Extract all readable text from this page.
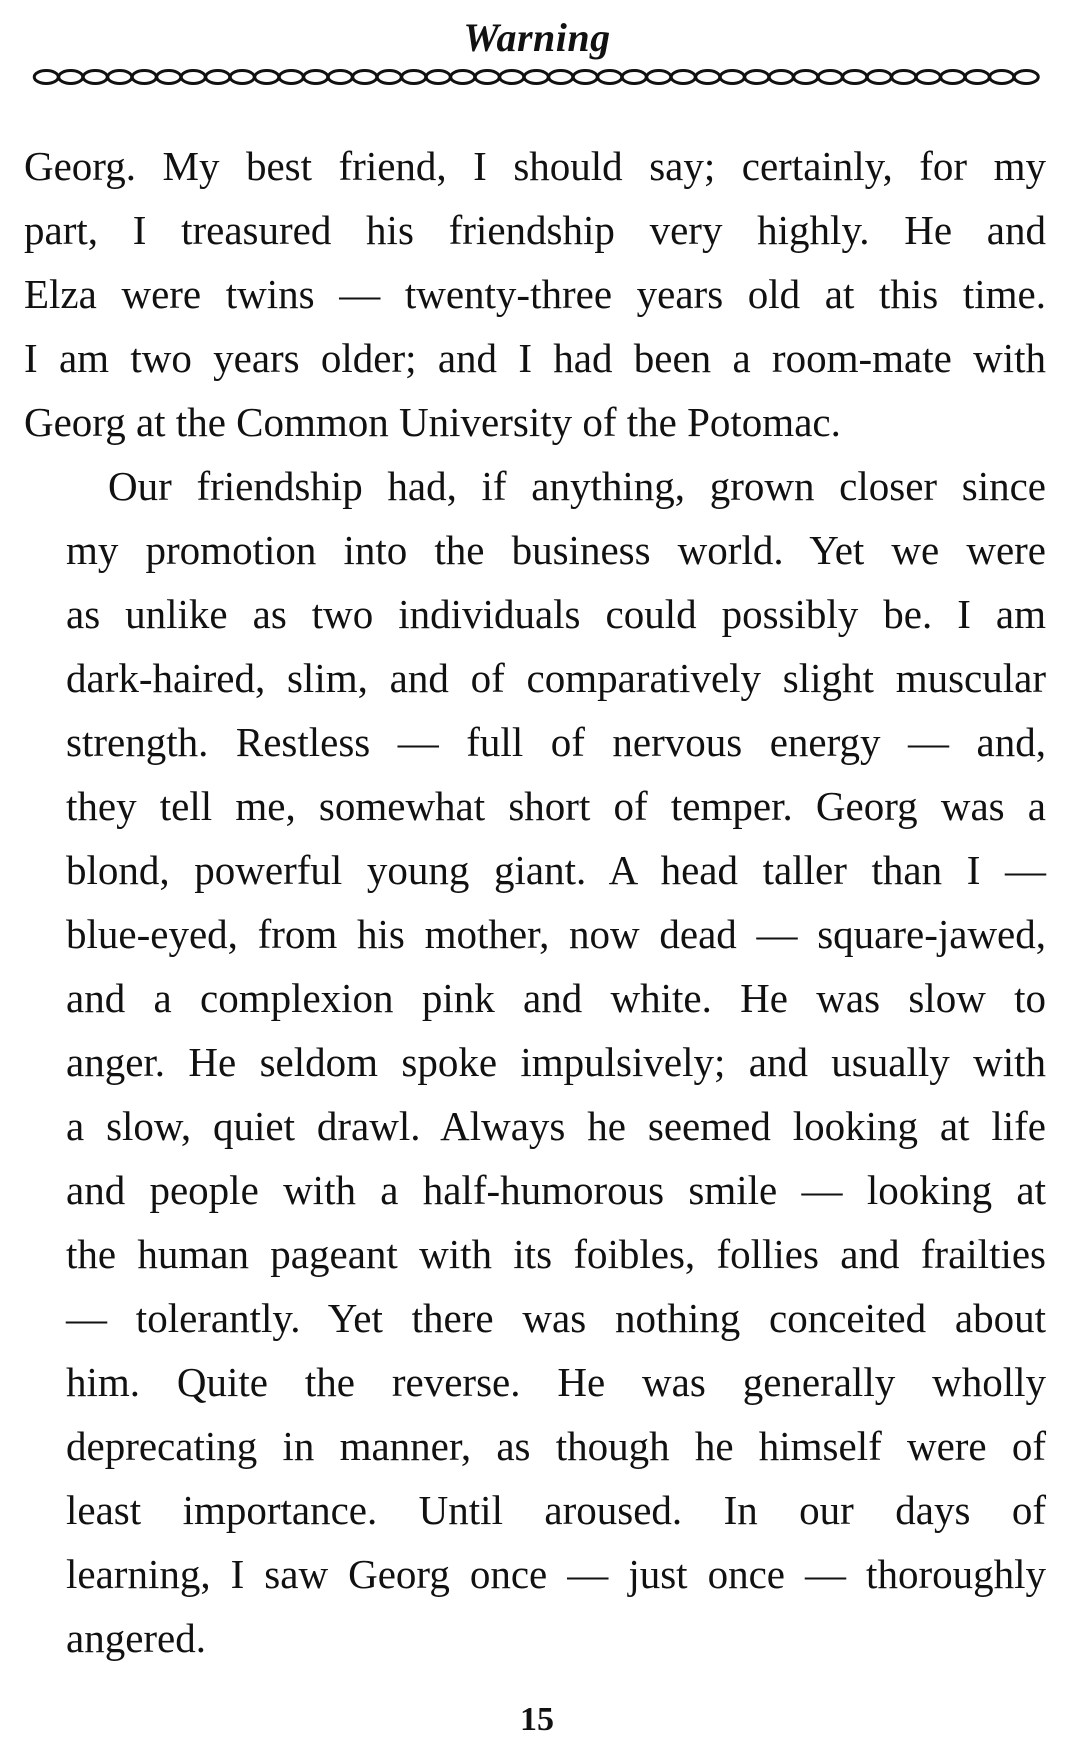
Warning

Georg. My best friend, I should say; certainly, for my
part, I treasured his friendship very highly. He and
Elza were twins — twenty-three years old at this time.
I am two years older; and I had been a room-mate with
Georg at the Common University of the Potomac.

Our friendship had, if anything, grown closer since
my promotion into the business world. Yet we were
as unlike as two individuals could possibly be. I am
dark-haired, slim, and of comparatively slight muscular
strength. Restless — full of nervous energy — and,
they tell me, somewhat short of temper. Georg was a
blond, powerful young giant. A head taller than I —
blue-eyed, from his mother, now dead — square-jawed,
and a complexion pink and white. He was slow to
anger. He seldom spoke impulsively; and usually with
a slow, quiet drawl. Always he seemed looking at life
and people with a half-humorous smile — looking at
the human pageant with its foibles, follies and frailties
— tolerantly. Yet there was nothing conceited about
him. Quite the reverse. He was generally wholly
deprecating in manner, as though he himself were of
least importance. Until aroused. In our days of
learning, I saw Georg once — just once — thoroughly
angered.

15
